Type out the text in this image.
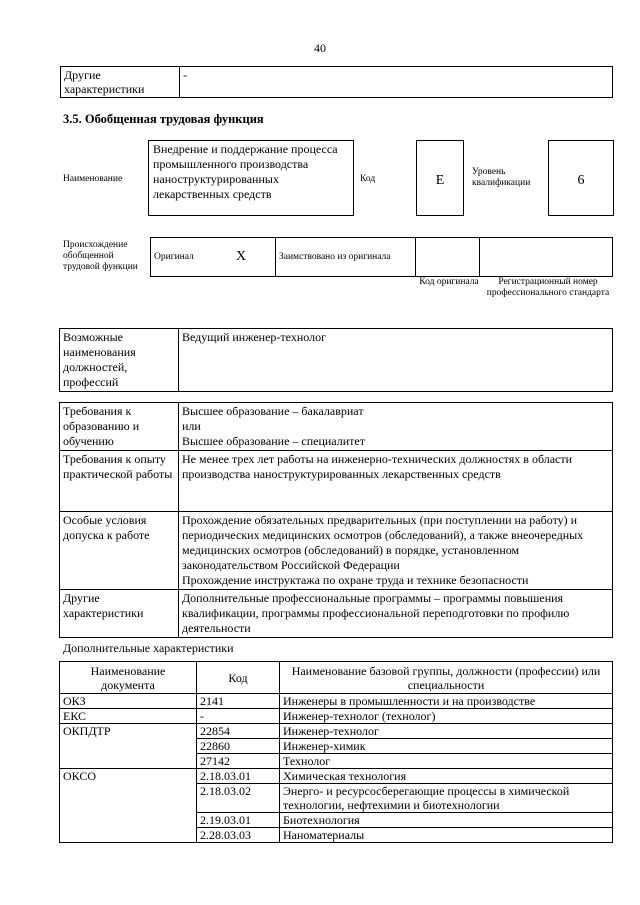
40
Другие характеристики	-
3.5. Обобщенная трудовая функция
Наименование
Внедрение и поддержание процесса промышленного производства наноструктурированных лекарственных средств
Код	E
Уровень квалификации	6
Происхождение обобщенной трудовой функции
Оригинал	X	Заимствовано из оригинала		
Код оригинала	Регистрационный номер профессионального стандарта
Возможные наименования должностей, профессий	Ведущий инженер-технолог
Требования к образованию и обучению	Высшее образование – бакалавриат
или
Высшее образование – специалитет

Требования к опыту практической работы	Не менее трех лет работы на инженерно-технических должностях в области производства наноструктурированных лекарственных средств

Особые условия допуска к работе	Прохождение обязательных предварительных (при поступлении на работу) и периодических медицинских осмотров (обследований), а также внеочередных медицинских осмотров (обследований) в порядке, установленном законодательством Российской Федерации
Прохождение инструктажа по охране труда и технике безопасности

Другие характеристики	Дополнительные профессиональные программы – программы повышения квалификации, программы профессиональной переподготовки по профилю деятельности
Дополнительные характеристики
Наименование документа	Код	Наименование базовой группы, должности (профессии) или специальности
ОКЗ	2141	Инженеры в промышленности и на производстве
ЕКС	-	Инженер-технолог (технолог)
ОКПДТР	22854	Инженер-технолог
	22860	Инженер-химик
	27142	Технолог
ОКСО	2.18.03.01	Химическая технология
	2.18.03.02	Энерго- и ресурсосберегающие процессы в химической технологии, нефтехимии и биотехнологии
	2.19.03.01	Биотехнология
	2.28.03.03	Наноматериалы
